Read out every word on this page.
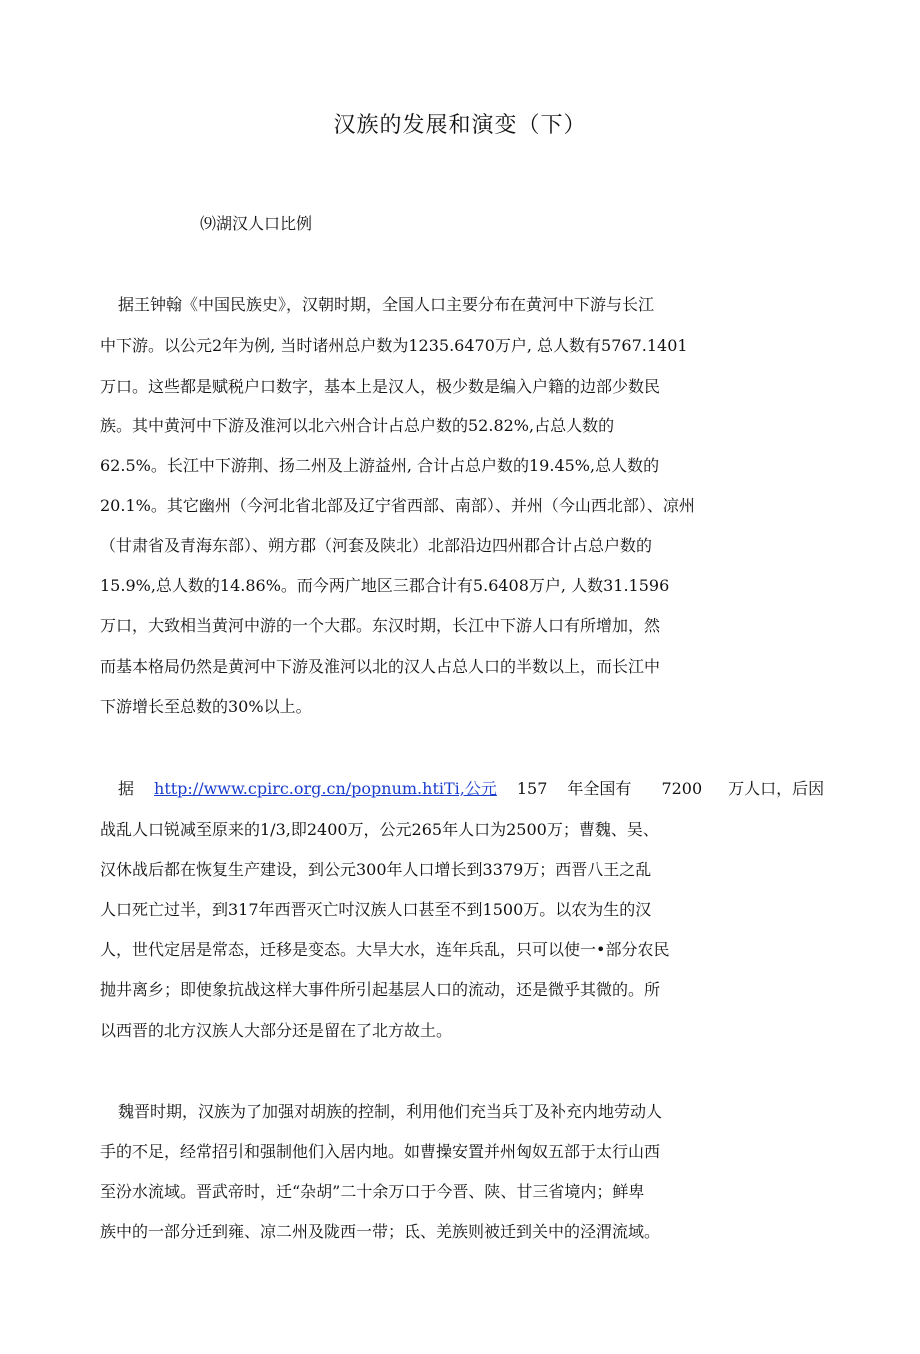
汉族的发展和演变（下）
⑼湖汉人口比例
据王钟翰《中国民族史》，汉朝时期，全国人口主要分布在黄河中下游与长江
中下游。以公元2年为例, 当时诸州总户数为1235.6470万户, 总人数有5767.1401
万口。这些都是赋税户口数字，基本上是汉人，极少数是编入户籍的边部少数民
族。其中黄河中下游及淮河以北六州合计占总户数的52.82%,占总人数的
62.5%。长江中下游荆、扬二州及上游益州, 合计占总户数的19.45%,总人数的
20.1%。其它幽州（今河北省北部及辽宁省西部、南部）、并州（今山西北部）、凉州
（甘肃省及青海东部）、朔方郡（河套及陕北）北部沿边四州郡合计占总户数的
15.9%,总人数的14.86%。而今两广地区三郡合计有5.6408万户, 人数31.1596
万口，大致相当黄河中游的一个大郡。东汉时期，长江中下游人口有所增加，然
而基本格局仍然是黄河中下游及淮河以北的汉人占总人口的半数以上，而长江中
下游增长至总数的30%以上。
据 http://www.cpirc.org.cn/popnum.htiTi,公元 157 年全国有 7200 万人口，后因
战乱人口锐减至原来的1/3,即2400万，公元265年人口为2500万；曹魏、吴、
汉休战后都在恢复生产建设，到公元300年人口增长到3379万；西晋八王之乱
人口死亡过半，到317年西晋灭亡吋汉族人口甚至不到1500万。以农为生的汉
人，世代定居是常态，迁移是变态。大旱大水，连年兵乱，只可以使一•部分农民
抛井离乡；即使象抗战这样大事件所引起基层人口的流动，还是微乎其微的。所
以西晋的北方汉族人大部分还是留在了北方故土。
魏晋时期，汉族为了加强对胡族的控制，利用他们充当兵丁及补充内地劳动人
手的不足，经常招引和强制他们入居内地。如曹操安置并州匈奴五部于太行山西
至汾水流域。晋武帝时，迁“杂胡”二十余万口于今晋、陕、甘三省境内；鲜卑
族中的一部分迁到雍、凉二州及陇西一带；氐、羌族则被迁到关中的泾渭流域。
